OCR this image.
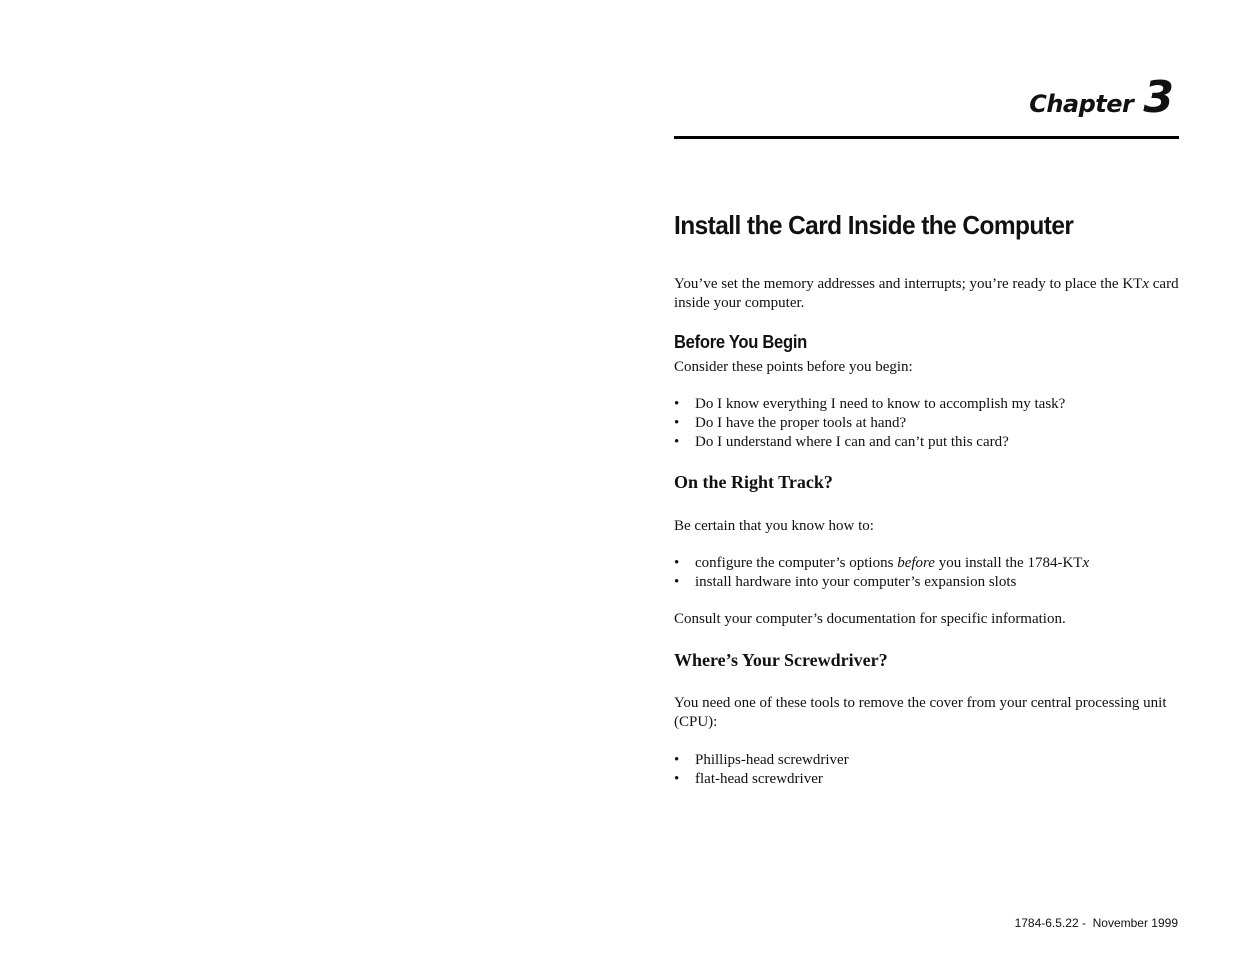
Chapter 3
Install the Card Inside the Computer

You’ve set the memory addresses and interrupts; you’re ready to place the KTx card inside your computer.

Before You Begin

Consider these points before you begin:

• Do I know everything I need to know to accomplish my task?
• Do I have the proper tools at hand?
• Do I understand where I can and can’t put this card?
On the Right Track?

Be certain that you know how to:

• configure the computer’s options before you install the 1784-KTx
• install hardware into your computer’s expansion slots

Consult your computer’s documentation for specific information.

Where’s Your Screwdriver?

You need one of these tools to remove the cover from your central processing unit (CPU):

• Phillips-head screwdriver
• flat-head screwdriver
1784-6.5.22 -  November 1999
